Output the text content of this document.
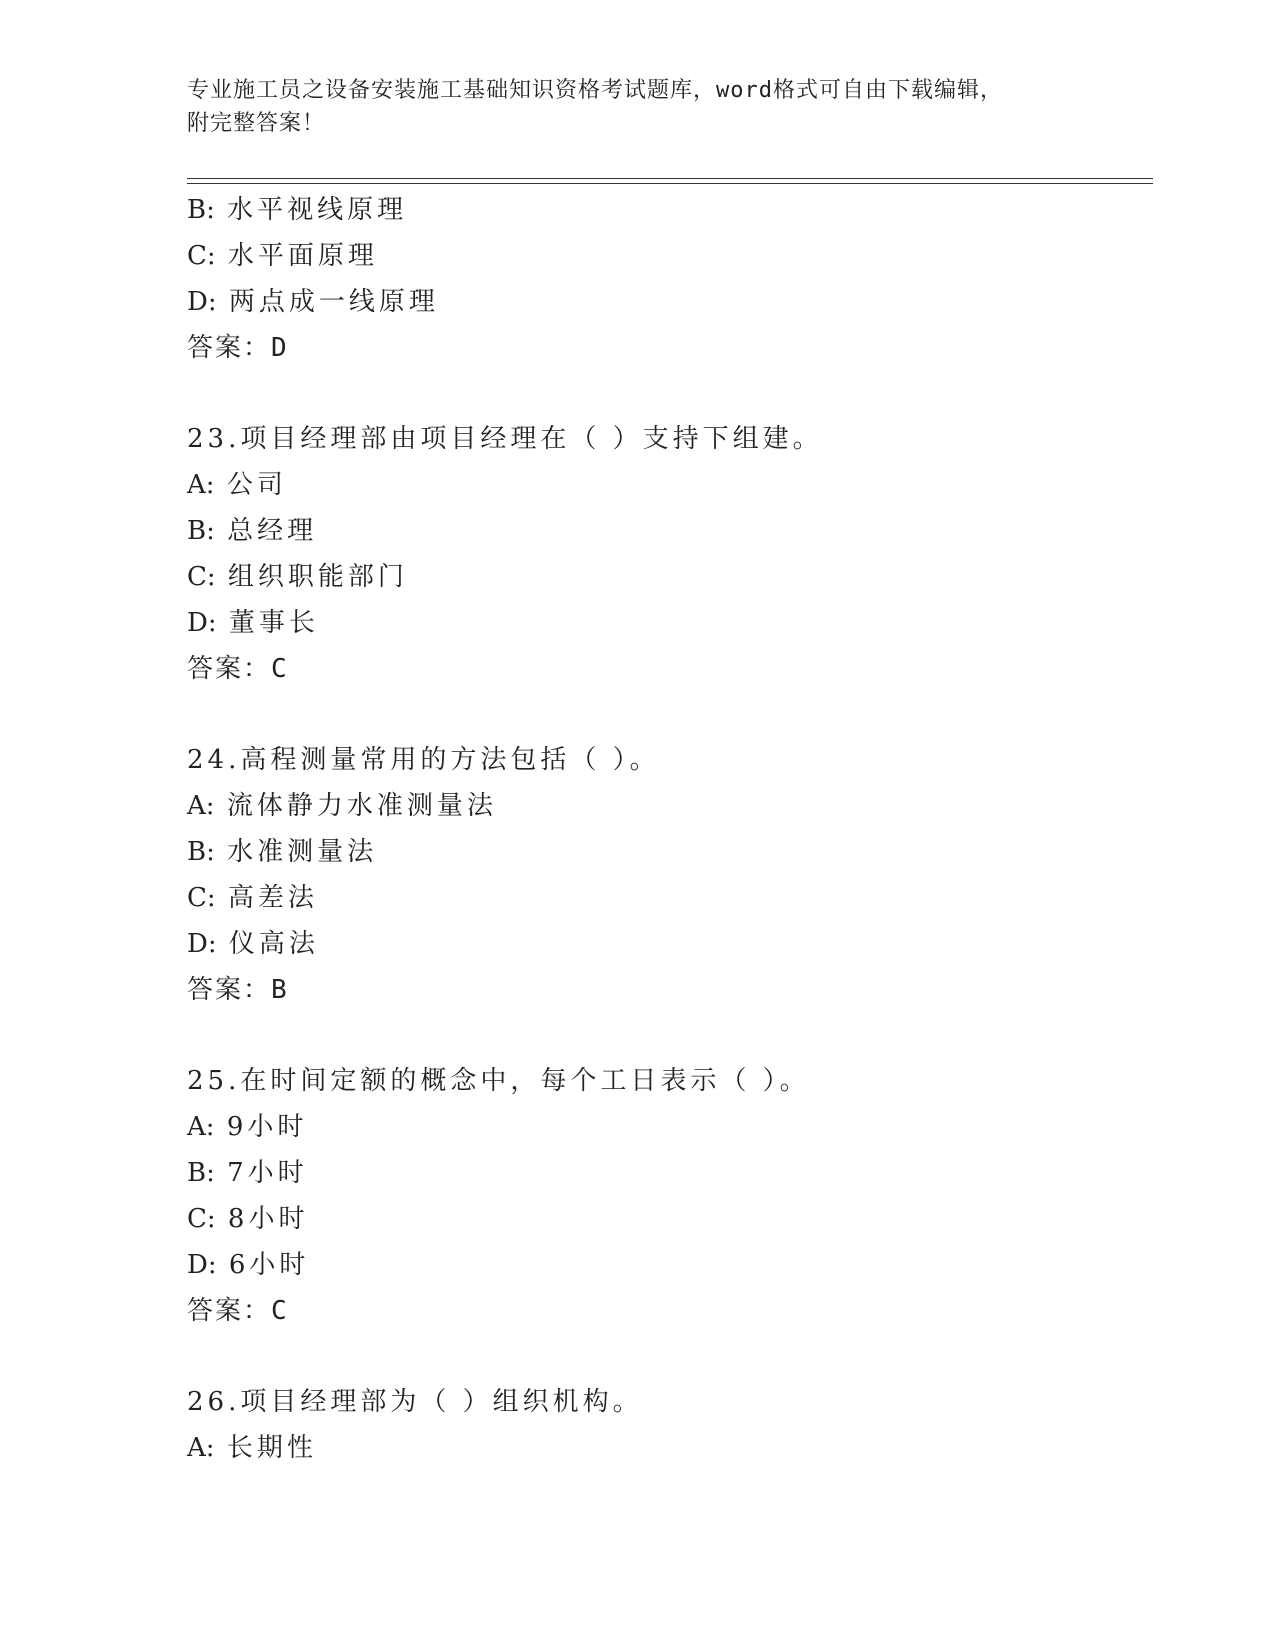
专业施工员之设备安装施工基础知识资格考试题库，word格式可自由下载编辑，
附完整答案！
B: 水平视线原理
C: 水平面原理
D: 两点成一线原理
答案：D
23.项目经理部由项目经理在（ ）支持下组建。
A: 公司
B: 总经理
C: 组织职能部门
D: 董事长
答案：C
24.高程测量常用的方法包括（ ）。
A: 流体静力水准测量法
B: 水准测量法
C: 高差法
D: 仪高法
答案：B
25.在时间定额的概念中，每个工日表示（ ）。
A: 9小时
B: 7小时
C: 8小时
D: 6小时
答案：C
26.项目经理部为（ ）组织机构。
A: 长期性
